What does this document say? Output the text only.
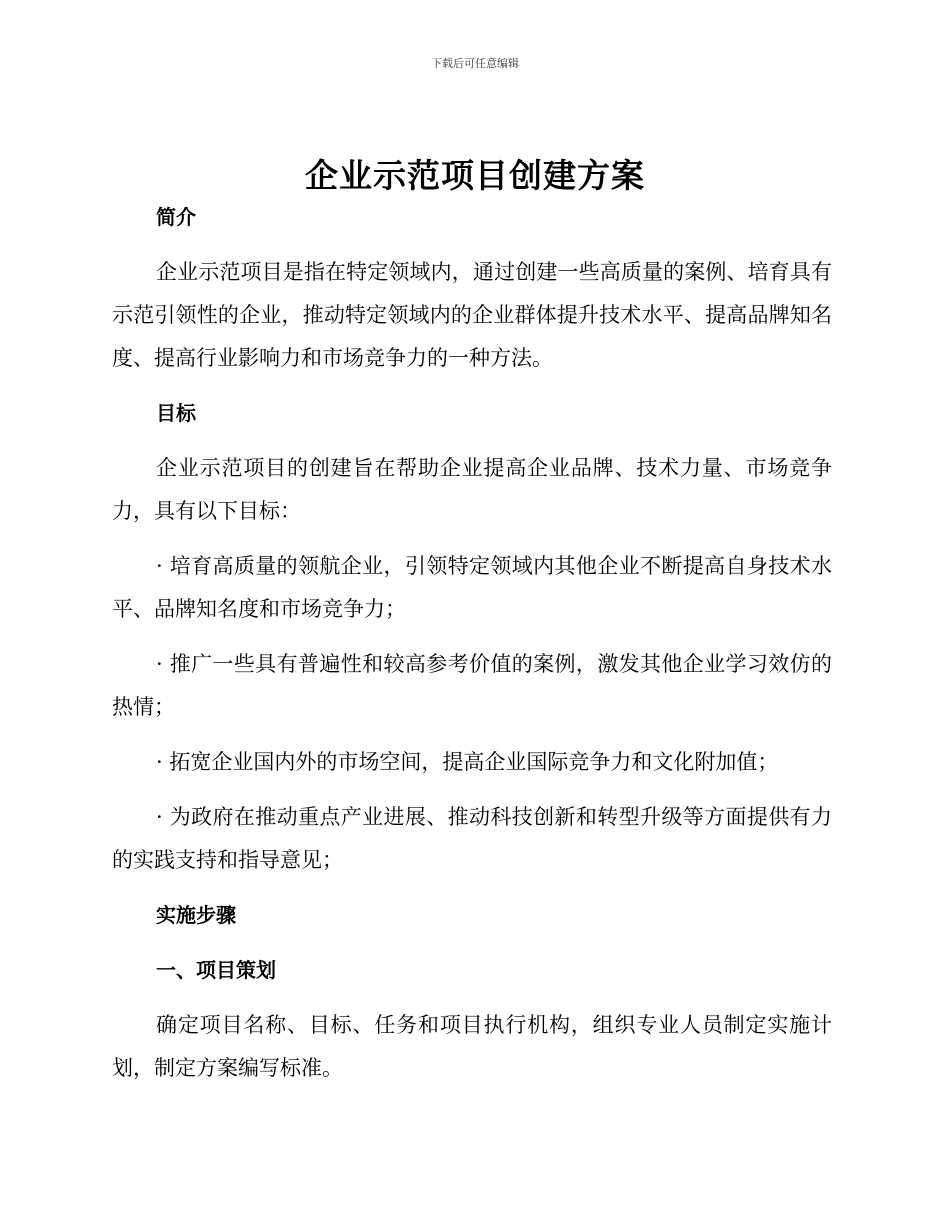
下载后可任意编辑
企业示范项目创建方案

简介

企业示范项目是指在特定领域内，通过创建一些高质量的案例、培育具有示范引领性的企业，推动特定领域内的企业群体提升技术水平、提高品牌知名度、提高行业影响力和市场竞争力的一种方法。

目标

企业示范项目的创建旨在帮助企业提高企业品牌、技术力量、市场竞争力，具有以下目标：

· 培育高质量的领航企业，引领特定领域内其他企业不断提高自身技术水平、品牌知名度和市场竞争力；

· 推广一些具有普遍性和较高参考价值的案例，激发其他企业学习效仿的热情；

· 拓宽企业国内外的市场空间，提高企业国际竞争力和文化附加值；

· 为政府在推动重点产业进展、推动科技创新和转型升级等方面提供有力的实践支持和指导意见；

实施步骤

一、项目策划

确定项目名称、目标、任务和项目执行机构，组织专业人员制定实施计划，制定方案编写标准。
